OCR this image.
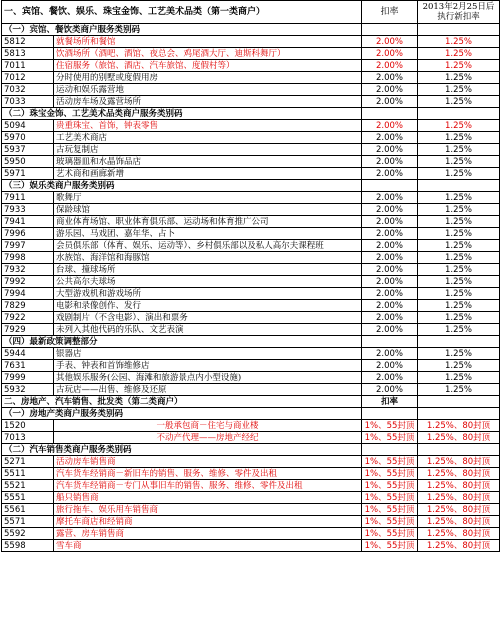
一、宾馆、餐饮、娱乐、珠宝金饰、工艺美术品类（第一类商户）		扣率	2013年2月25日后执行新扣率
（一）宾馆、餐饮类商户服务类别码			
5812	就餐场所和餐馆	2.00%	1.25%
5813	饮酒场所（酒吧、酒馆、夜总会、鸡尾酒大厅、迪斯科舞厅）	2.00%	1.25%
7011	住宿服务（旅馆、酒店、汽车旅馆、度假村等）	2.00%	1.25%
7012	分时使用的别墅或度假用房	2.00%	1.25%
7032	运动和娱乐露营地	2.00%	1.25%
7033	活动房车场及露营场所	2.00%	1.25%
（二）珠宝金饰、工艺美术品类商户服务类别码			
5094	贵重珠宝、首饰，钟表零售	2.00%	1.25%
5970	工艺美术商店	2.00%	1.25%
5937	古玩复制店	2.00%	1.25%
5950	玻璃器皿和水晶饰品店	2.00%	1.25%
5971	艺术商和画廊新增	2.00%	1.25%
（三）娱乐类商户服务类别码			
7911	歌舞厅	2.00%	1.25%
7933	保龄球馆	2.00%	1.25%
7941	商业体育场馆、职业体育俱乐部、运动场和体育推广公司	2.00%	1.25%
7996	游乐园、马戏团、嘉年华、占卜	2.00%	1.25%
7997	会员俱乐部（体育、娱乐、运动等）、乡村俱乐部以及私人高尔夫课程班	2.00%	1.25%
7998	水族馆、海洋馆和海豚馆	2.00%	1.25%
7932	台球、撞球场所	2.00%	1.25%
7992	公共高尔夫球场	2.00%	1.25%
7994	大型游戏机和游戏场所	2.00%	1.25%
7829	电影和录像创作、发行	2.00%	1.25%
7922	戏剧制片（不含电影）、演出和票务	2.00%	1.25%
7929	未列入其他代码的乐队、文艺表演	2.00%	1.25%
（四）最新政策调整部分			
5944	银器店	2.00%	1.25%
7631	手表、钟表和首饰维修店	2.00%	1.25%
7999	其他娱乐服务(公园、海滩和旅游景点内小型设施)	2.00%	1.25%
5932	古玩店——出售、维修及还原	2.00%	1.25%
二、房地产、汽车销售、批发类（第二类商户）		扣率	
（一）房地产类商户服务类别码			
1520	一般承包商－住宅与商业楼	1%、55封顶	1.25%、80封顶
7013	不动产代理——房地产经纪	1%、55封顶	1.25%、80封顶
（二）汽车销售类商户服务类别码			
5271	活动房车销售商	1%、55封顶	1.25%、80封顶
5511	汽车货车经销商－新旧车的销售、服务、维修、零件及出租	1%、55封顶	1.25%、80封顶
5521	汽车货车经销商－专门从事旧车的销售、服务、维修、零件及出租	1%、55封顶	1.25%、80封顶
5551	船只销售商	1%、55封顶	1.25%、80封顶
5561	旅行拖车、娱乐用车销售商	1%、55封顶	1.25%、80封顶
5571	摩托车商店和经销商	1%、55封顶	1.25%、80封顶
5592	露营、房车销售商	1%、55封顶	1.25%、80封顶
5598	雪车商	1%、55封顶	1.25%、80封顶
